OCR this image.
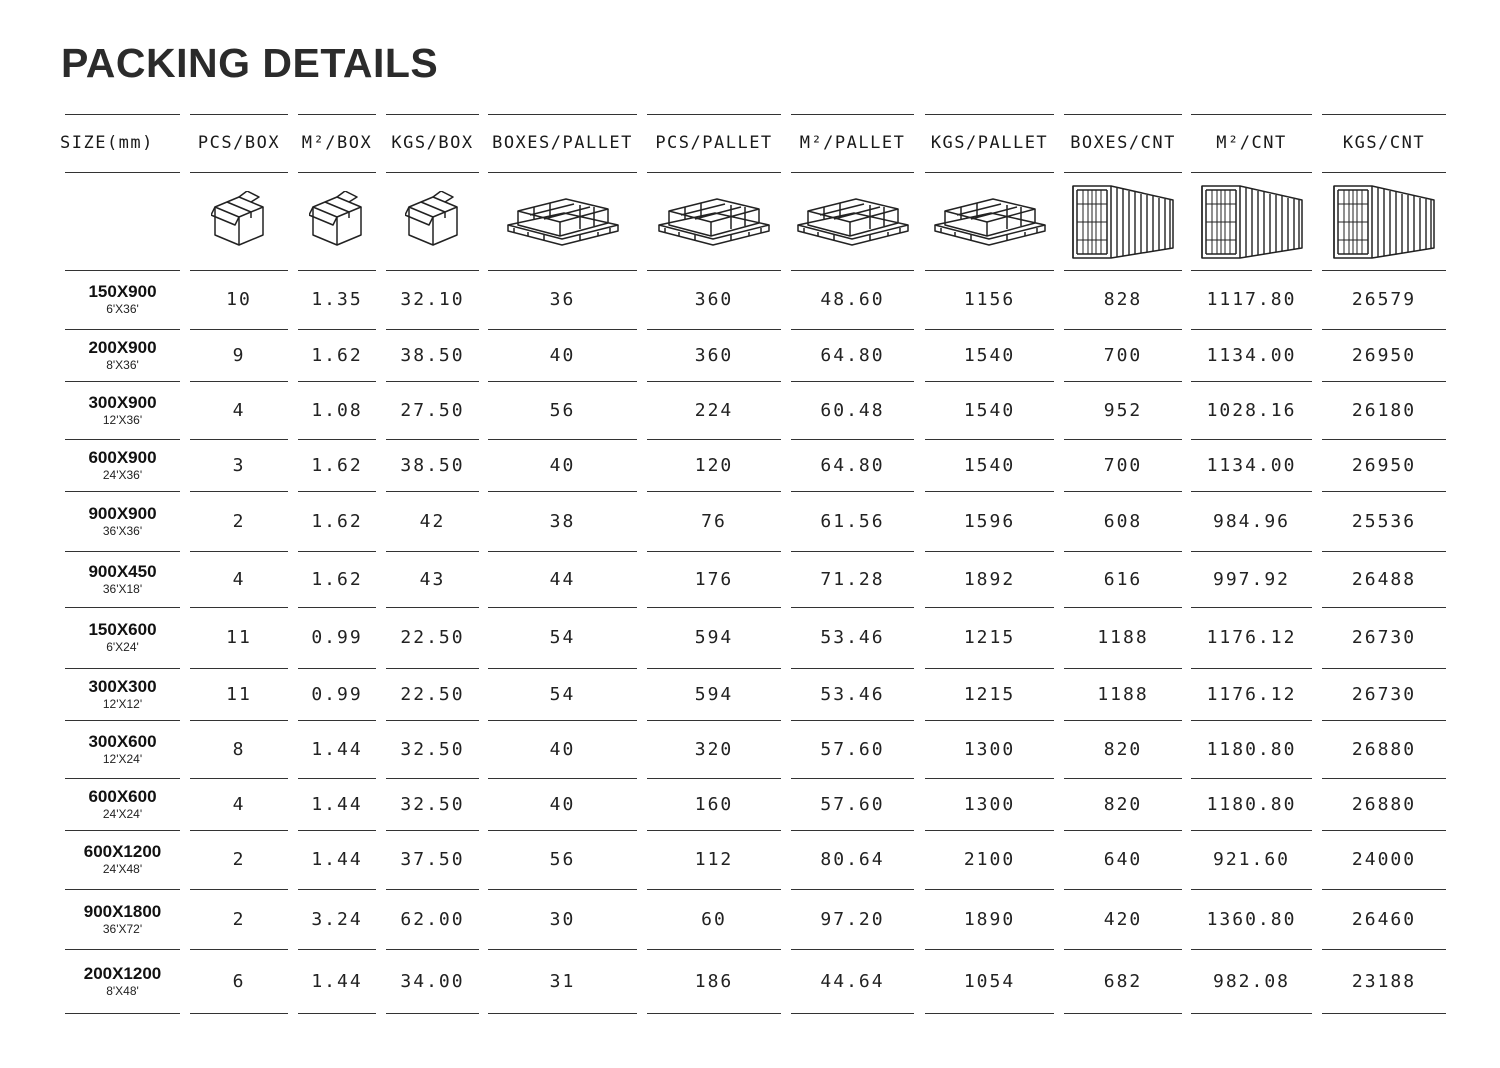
PACKING DETAILS
SIZE(mm)	PCS/BOX	M²/BOX	KGS/BOX	BOXES/PALLET	PCS/PALLET	M²/PALLET	KGS/PALLET	BOXES/CNT	M²/CNT	KGS/CNT
150X900
6'X36'	10	1.35	32.10	36	360	48.60	1156	828	1117.80	26579
200X900
8'X36'	9	1.62	38.50	40	360	64.80	1540	700	1134.00	26950
300X900
12'X36'	4	1.08	27.50	56	224	60.48	1540	952	1028.16	26180
600X900
24'X36'	3	1.62	38.50	40	120	64.80	1540	700	1134.00	26950
900X900
36'X36'	2	1.62	42	38	76	61.56	1596	608	984.96	25536
900X450
36'X18'	4	1.62	43	44	176	71.28	1892	616	997.92	26488
150X600
6'X24'	11	0.99	22.50	54	594	53.46	1215	1188	1176.12	26730
300X300
12'X12'	11	0.99	22.50	54	594	53.46	1215	1188	1176.12	26730
300X600
12'X24'	8	1.44	32.50	40	320	57.60	1300	820	1180.80	26880
600X600
24'X24'	4	1.44	32.50	40	160	57.60	1300	820	1180.80	26880
600X1200
24'X48'	2	1.44	37.50	56	112	80.64	2100	640	921.60	24000
900X1800
36'X72'	2	3.24	62.00	30	60	97.20	1890	420	1360.80	26460
200X1200
8'X48'	6	1.44	34.00	31	186	44.64	1054	682	982.08	23188
